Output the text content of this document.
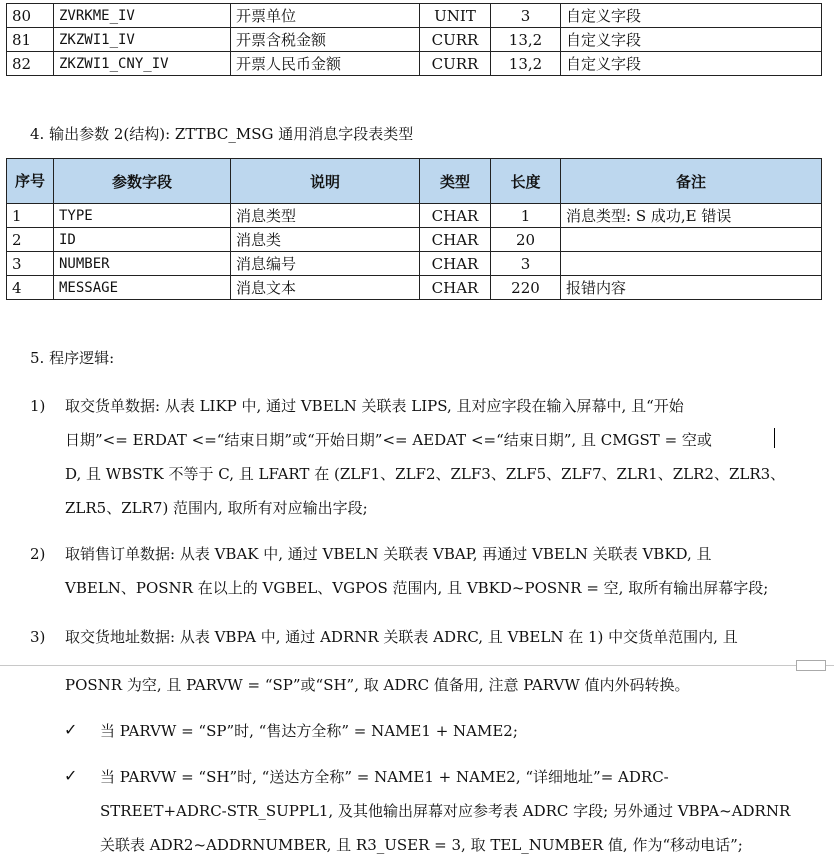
80	ZVRKME_IV	开票单位	UNIT	3	自定义字段
81	ZKZWI1_IV	开票含税金额	CURR	13,2	自定义字段
82	ZKZWI1_CNY_IV	开票人民币金额	CURR	13,2	自定义字段
4. 输出参数 2(结构): ZTTBC_MSG 通用消息字段表类型
序号	参数字段	说明	类型	长度	备注
1	TYPE	消息类型	CHAR	1	消息类型: S 成功,E 错误
2	ID	消息类	CHAR	20	
3	NUMBER	消息编号	CHAR	3	
4	MESSAGE	消息文本	CHAR	220	报错内容
5. 程序逻辑:
1) 取交货单数据: 从表 LIKP 中, 通过 VBELN 关联表 LIPS, 且对应字段在输入屏幕中, 且“开始
日期”<= ERDAT <=“结束日期”或“开始日期”<= AEDAT <=“结束日期”, 且 CMGST = 空或
D, 且 WBSTK 不等于 C, 且 LFART 在 (ZLF1、ZLF2、ZLF3、ZLF5、ZLF7、ZLR1、ZLR2、ZLR3、
ZLR5、ZLR7) 范围内, 取所有对应输出字段;
2) 取销售订单数据: 从表 VBAK 中, 通过 VBELN 关联表 VBAP, 再通过 VBELN 关联表 VBKD, 且
VBELN、POSNR 在以上的 VGBEL、VGPOS 范围内, 且 VBKD~POSNR = 空, 取所有输出屏幕字段;
3) 取交货地址数据: 从表 VBPA 中, 通过 ADRNR 关联表 ADRC, 且 VBELN 在 1) 中交货单范围内, 且
POSNR 为空, 且 PARVW = “SP”或“SH”, 取 ADRC 值备用, 注意 PARVW 值内外码转换。
✓ 当 PARVW = “SP”时, “售达方全称” = NAME1 + NAME2;
✓ 当 PARVW = “SH”时, “送达方全称” = NAME1 + NAME2, “详细地址”= ADRC-
STREET+ADRC-STR_SUPPL1, 及其他输出屏幕对应参考表 ADRC 字段; 另外通过 VBPA~ADRNR
关联表 ADR2~ADDRNUMBER, 且 R3_USER = 3, 取 TEL_NUMBER 值, 作为“移动电话”;
